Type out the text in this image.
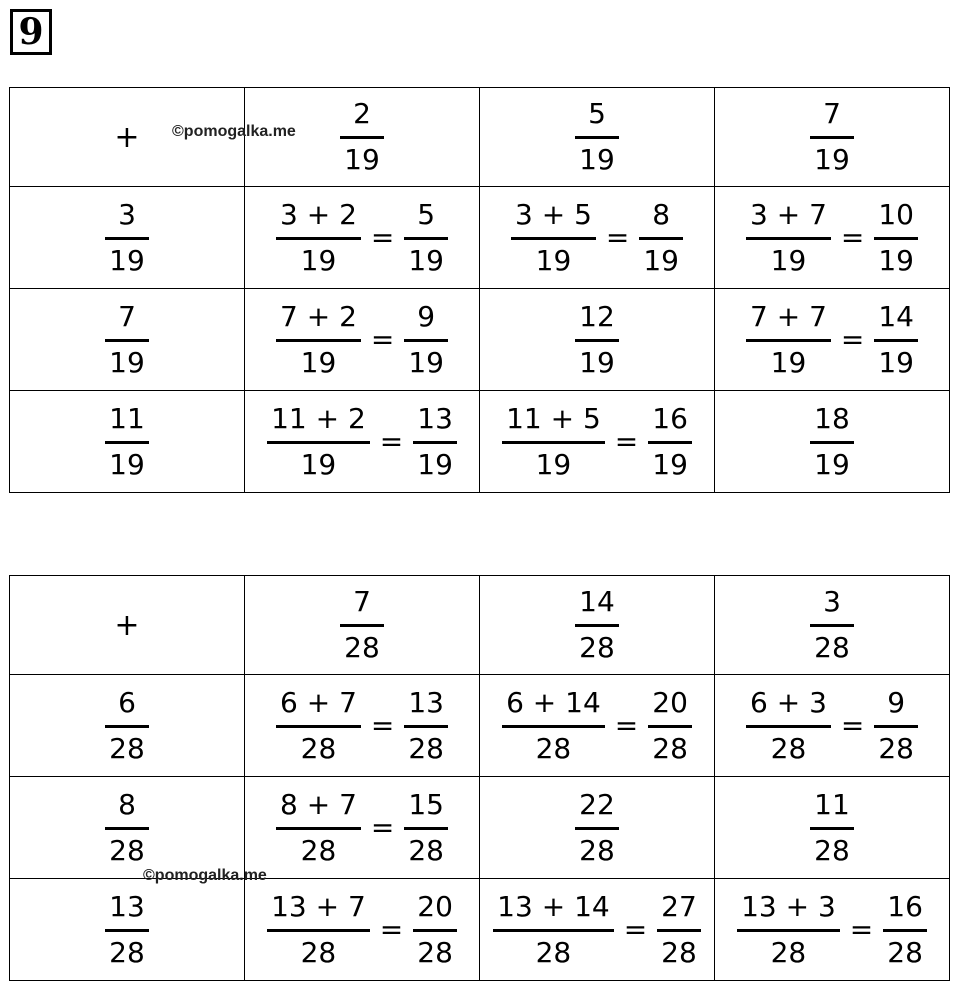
9
+	$\frac{2}{19}$	$\frac{5}{19}$	$\frac{7}{19}$

$\frac{3}{19}$	$\frac{3 + 2}{19} = \frac{5}{19}$	$\frac{3 + 5}{19} = \frac{8}{19}$	$\frac{3 + 7}{19} = \frac{10}{19}$

$\frac{7}{19}$	$\frac{7 + 2}{19} = \frac{9}{19}$	$\frac{12}{19}$	$\frac{7 + 7}{19} = \frac{14}{19}$

$\frac{11}{19}$	$\frac{11 + 2}{19} = \frac{13}{19}$	$\frac{11 + 5}{19} = \frac{16}{19}$	$\frac{18}{19}$
+	$\frac{7}{28}$	$\frac{14}{28}$	$\frac{3}{28}$

$\frac{6}{28}$	$\frac{6 + 7}{28} = \frac{13}{28}$	$\frac{6 + 14}{28} = \frac{20}{28}$	$\frac{6 + 3}{28} = \frac{9}{28}$

$\frac{8}{28}$	$\frac{8 + 7}{28} = \frac{15}{28}$	$\frac{22}{28}$	$\frac{11}{28}$

$\frac{13}{28}$	$\frac{13 + 7}{28} = \frac{20}{28}$	$\frac{13 + 14}{28} = \frac{27}{28}$	$\frac{13 + 3}{28} = \frac{16}{28}$
©pomogalka.me
©pomogalka.me
